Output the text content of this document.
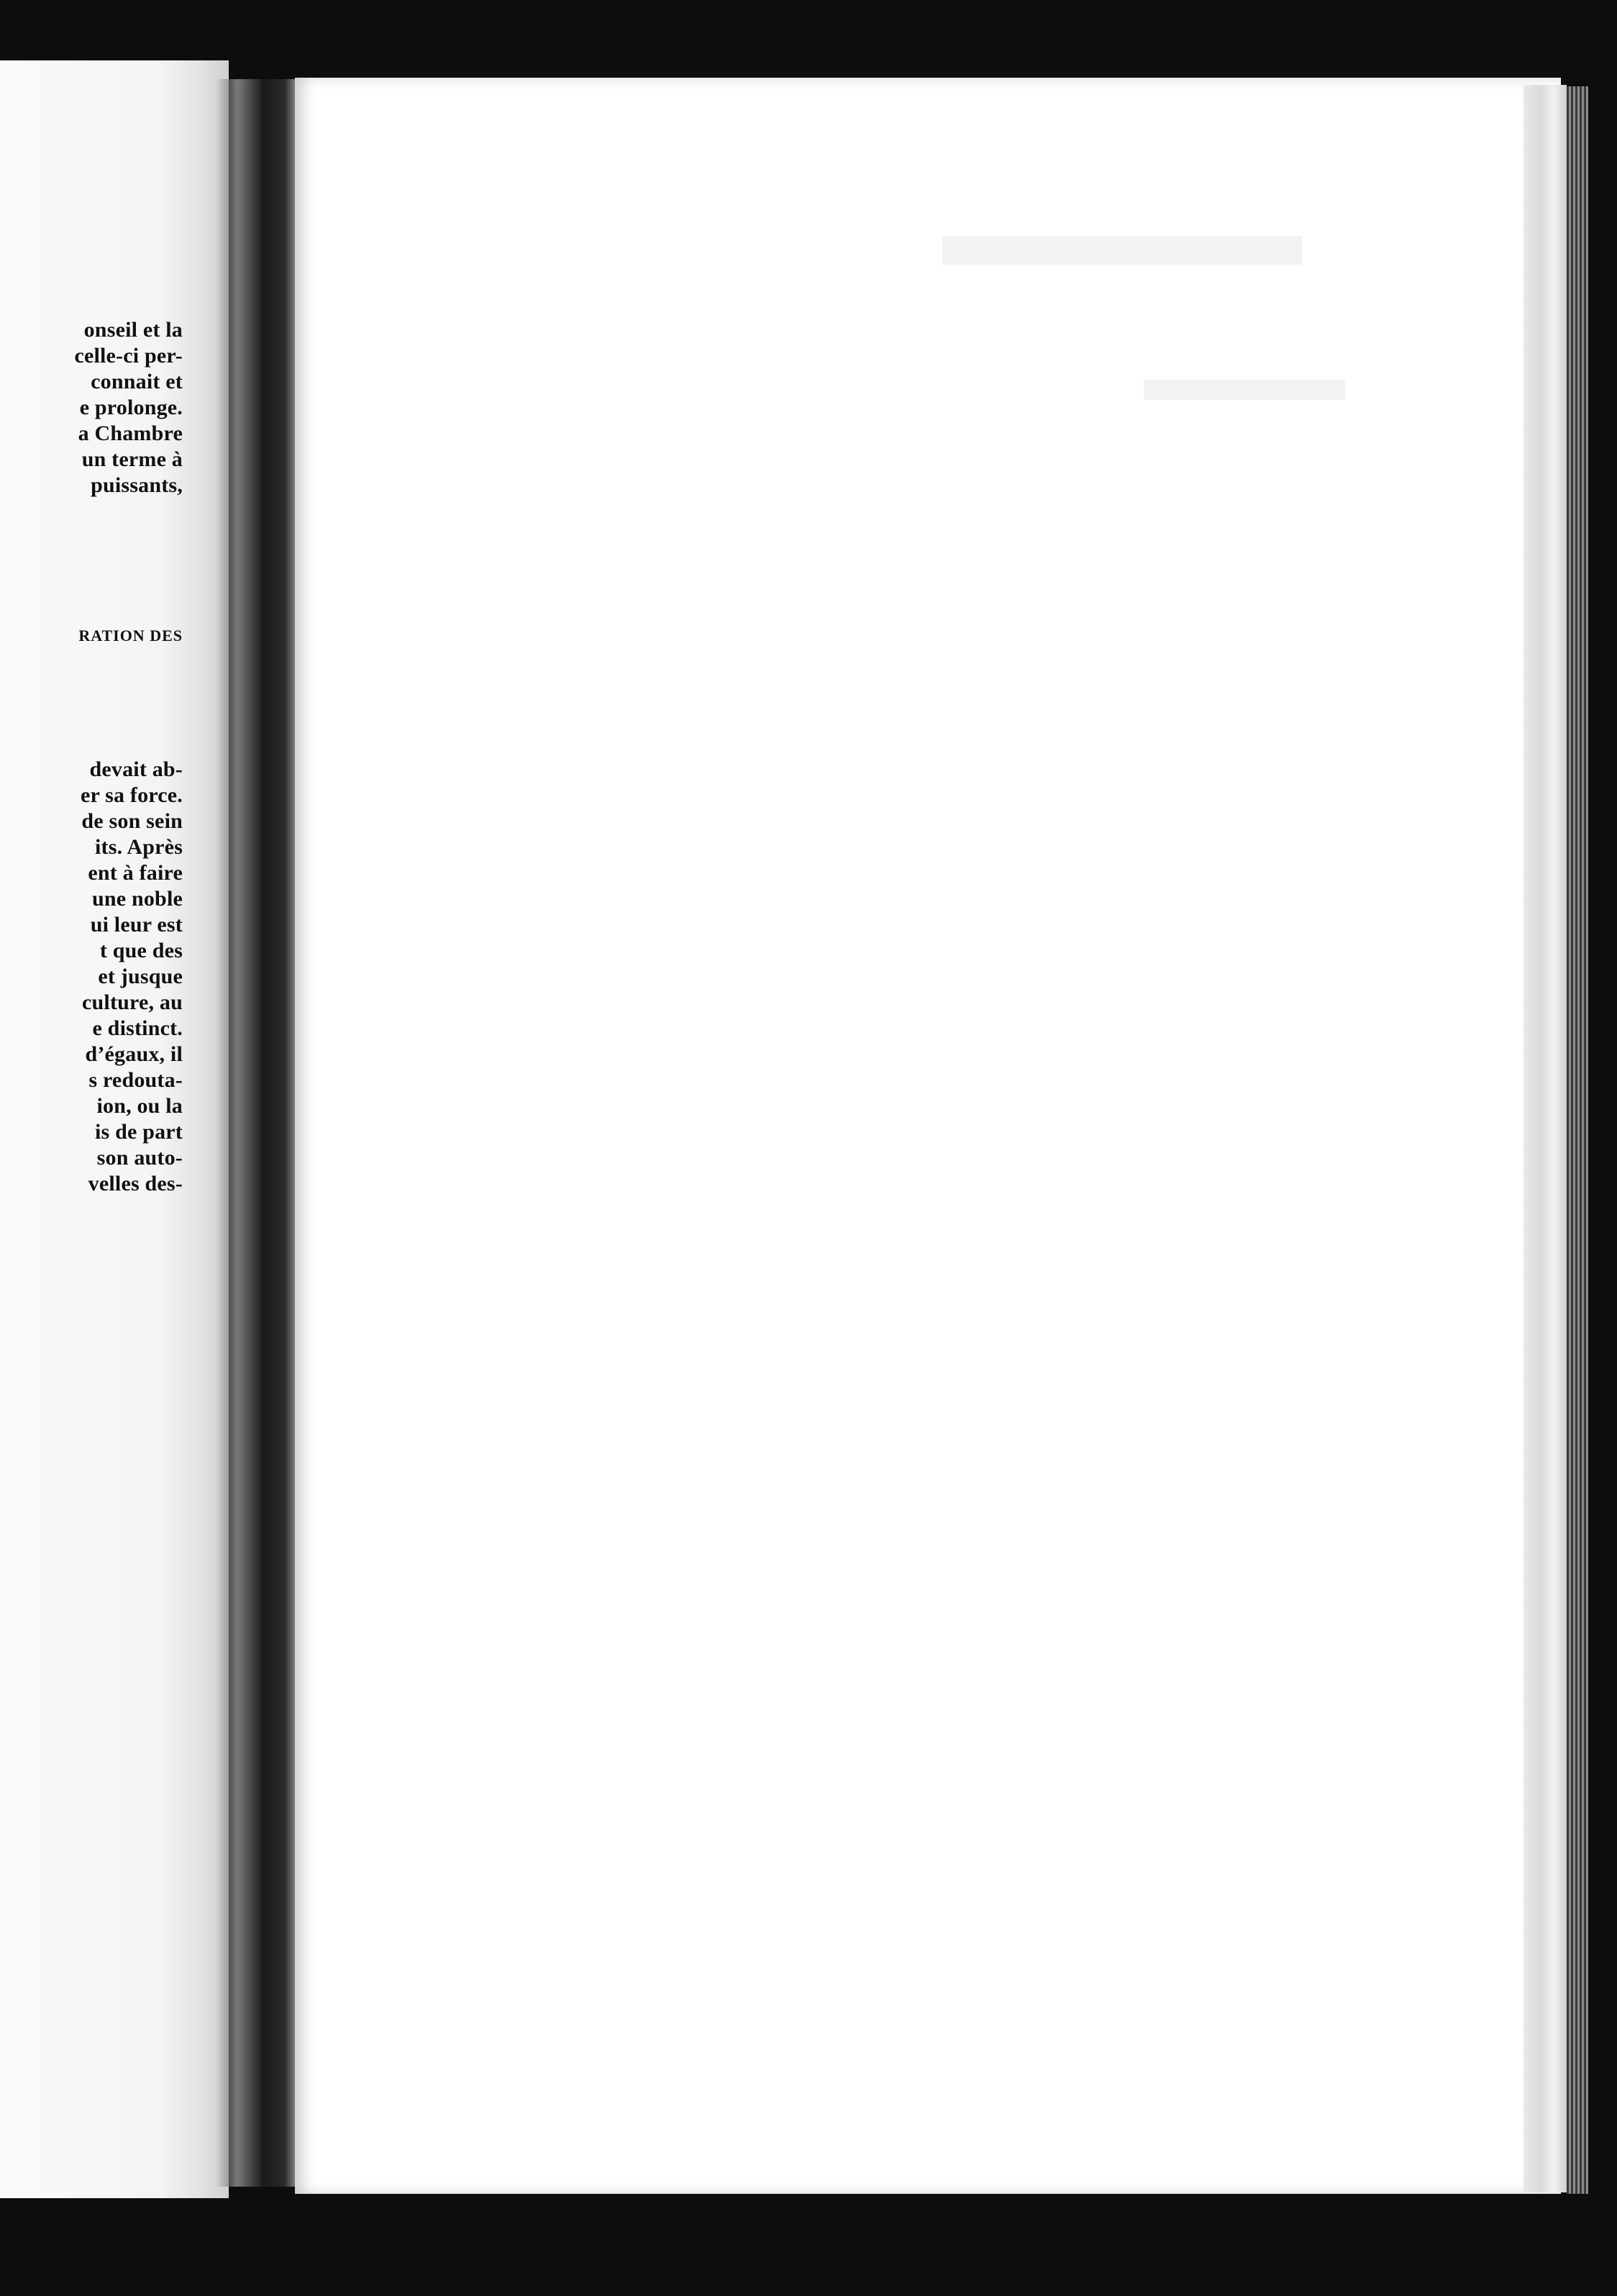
onseil et la
celle-ci per-
connait et
e prolonge.
a Chambre
un terme à
puissants,
RATION DES
devait ab-
er sa force.
de son sein
its. Après
ent à faire
une noble
ui leur est
t que des
et jusque
culture, au
e distinct.
d’égaux, il
s redouta-
ion, ou la
is de part
son auto-
velles des-
